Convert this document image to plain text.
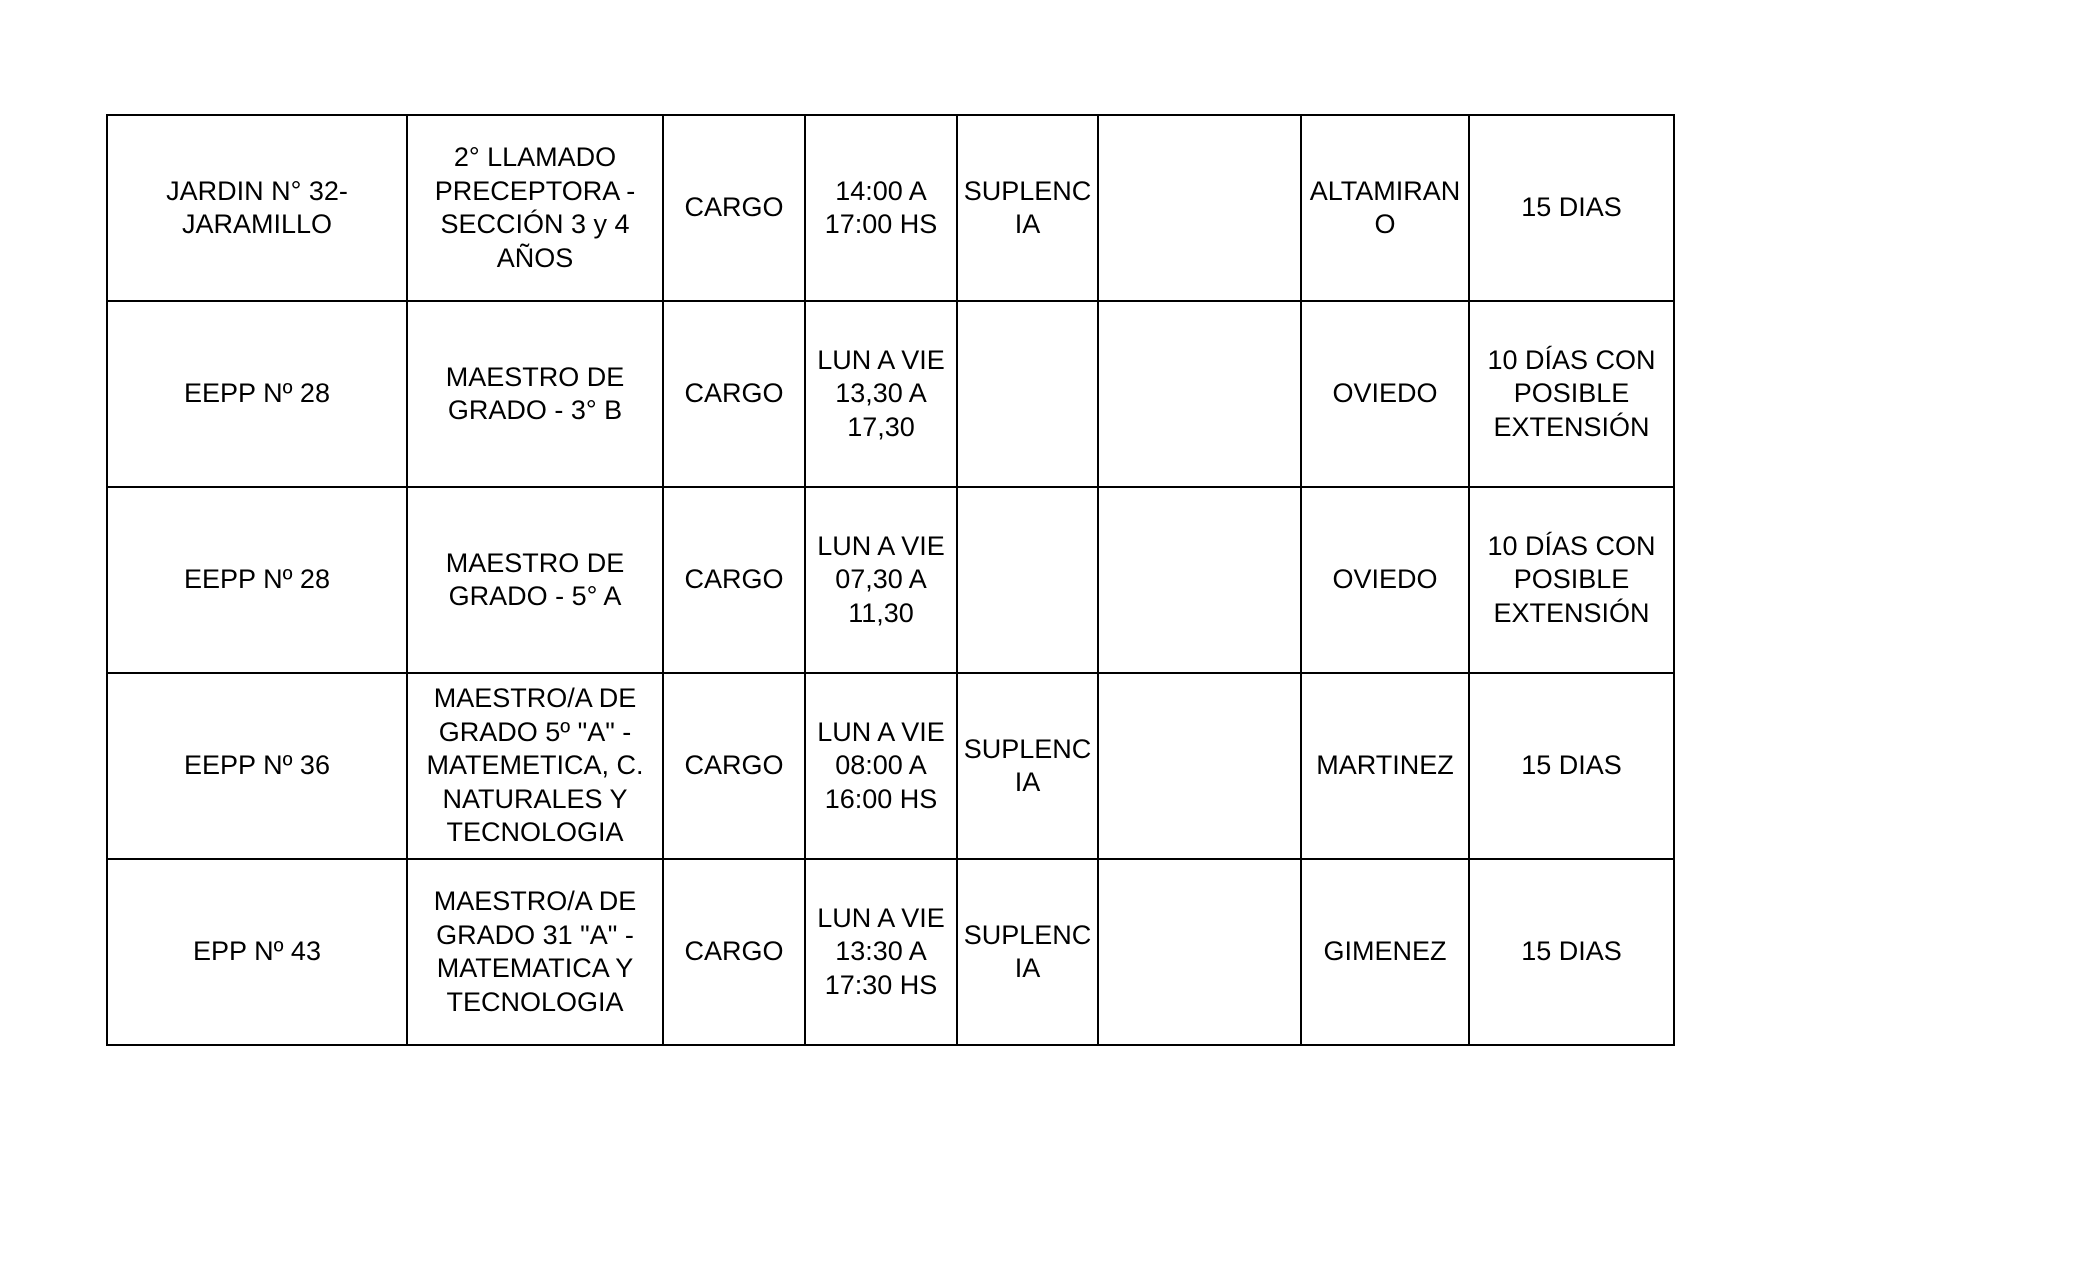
JARDIN N° 32-
JARAMILLO	2° LLAMADO
PRECEPTORA -
SECCIÓN 3 y 4
AÑOS	CARGO	14:00 A
17:00 HS	SUPLENC
IA		ALTAMIRAN
O	15 DIAS
EEPP Nº 28	MAESTRO DE
GRADO - 3° B	CARGO	LUN A VIE
13,30 A
17,30			OVIEDO	10 DÍAS CON
POSIBLE
EXTENSIÓN
EEPP Nº 28	MAESTRO DE
GRADO - 5° A	CARGO	LUN A VIE
07,30 A
11,30			OVIEDO	10 DÍAS CON
POSIBLE
EXTENSIÓN
EEPP Nº 36	MAESTRO/A DE
GRADO 5º "A" -
MATEMETICA, C.
NATURALES Y
TECNOLOGIA	CARGO	LUN A VIE
08:00 A
16:00 HS	SUPLENC
IA		MARTINEZ	15 DIAS
EPP Nº 43	MAESTRO/A DE
GRADO 31 "A" -
MATEMATICA Y
TECNOLOGIA	CARGO	LUN A VIE
13:30 A
17:30 HS	SUPLENC
IA		GIMENEZ	15 DIAS
